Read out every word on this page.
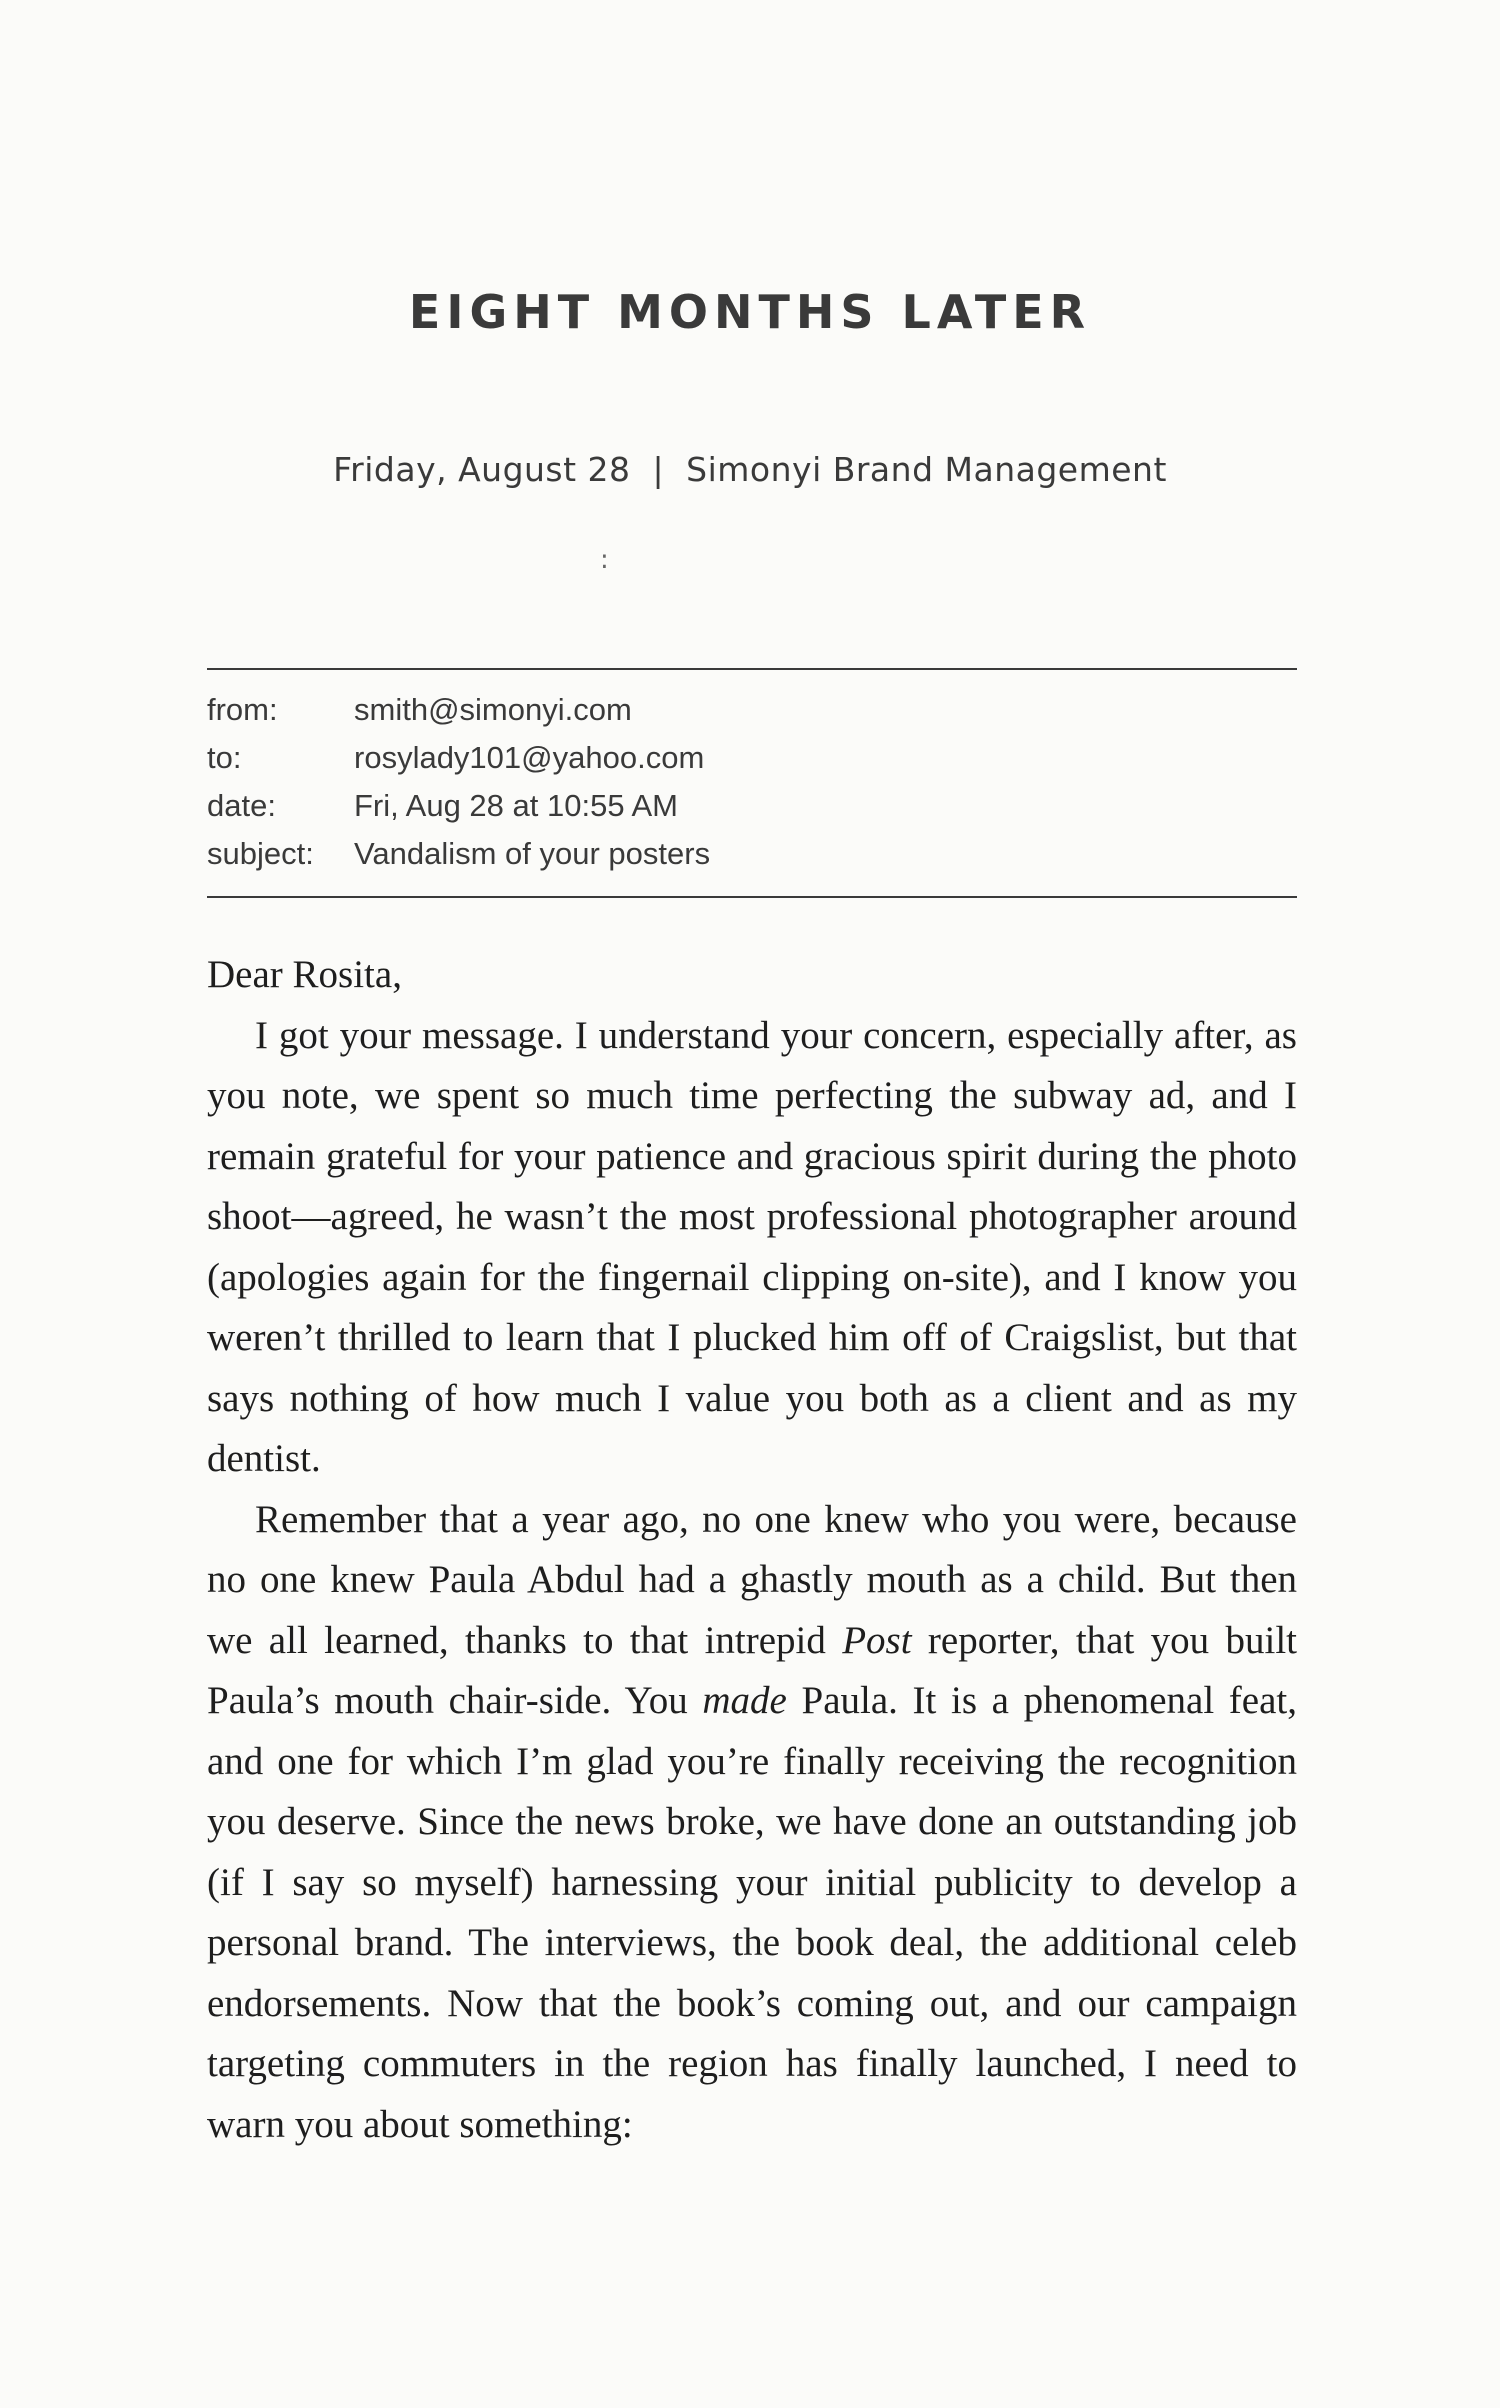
EIGHT MONTHS LATER
Friday, August 28 | Simonyi Brand Management
:
from: smith@simonyi.com
to:	rosylady101@yahoo.com
date:	Fri, Aug 28 at 10:55 AM
subject: Vandalism of your posters

Dear Rosita,

I got your message. I understand your concern, especially after, as you note, we spent so much time perfecting the subway ad, and I remain grateful for your patience and gracious spirit during the photo shoot—agreed, he wasn’t the most professional photographer around (apologies again for the fingernail clipping on-site), and I know you weren’t thrilled to learn that I plucked him off of Craigslist, but that says nothing of how much I value you both as a client and as my dentist.

Remember that a year ago, no one knew who you were, because no one knew Paula Abdul had a ghastly mouth as a child. But then we all learned, thanks to that intrepid Post reporter, that you built Paula’s mouth chair-side. You made Paula. It is a phenomenal feat, and one for which I’m glad you’re finally receiving the recognition you deserve. Since the news broke, we have done an outstanding job (if I say so myself) harnessing your initial publicity to develop a personal brand. The interviews, the book deal, the additional celeb endorsements. Now that the book’s coming out, and our campaign targeting commuters in the region has finally launched, I need to warn you about something:
